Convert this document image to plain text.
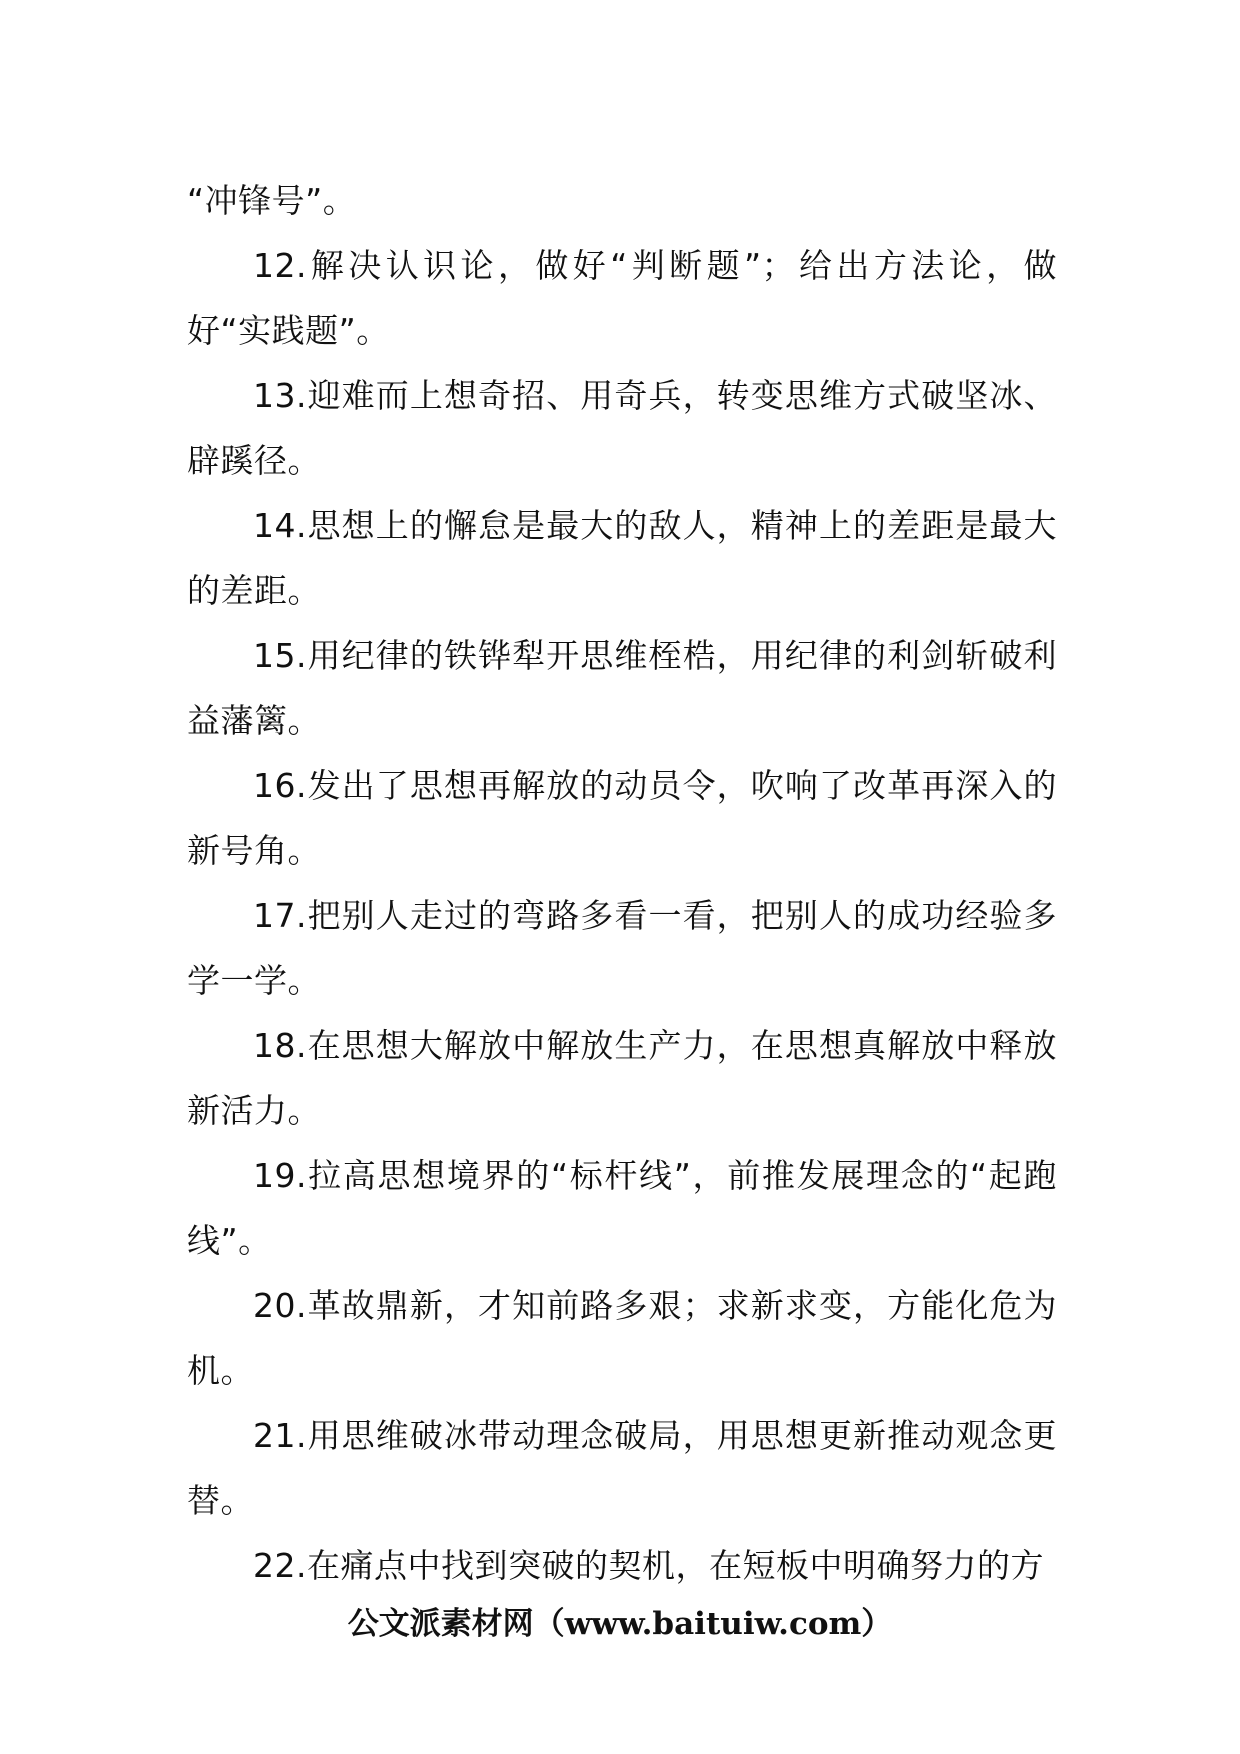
“冲锋号”。

12.解决认识论，做好“判断题”；给出方法论，做好“实践题”。

13.迎难而上想奇招、用奇兵，转变思维方式破坚冰、辟蹊径。

14.思想上的懈怠是最大的敌人，精神上的差距是最大的差距。

15.用纪律的铁铧犁开思维桎梏，用纪律的利剑斩破利益藩篱。

16.发出了思想再解放的动员令，吹响了改革再深入的新号角。

17.把别人走过的弯路多看一看，把别人的成功经验多学一学。

18.在思想大解放中解放生产力，在思想真解放中释放新活力。

19.拉高思想境界的“标杆线”，前推发展理念的“起跑线”。

20.革故鼎新，才知前路多艰；求新求变，方能化危为机。

21.用思维破冰带动理念破局，用思想更新推动观念更替。

22.在痛点中找到突破的契机，在短板中明确努力的方

公文派素材网（www.baituiw.com）
